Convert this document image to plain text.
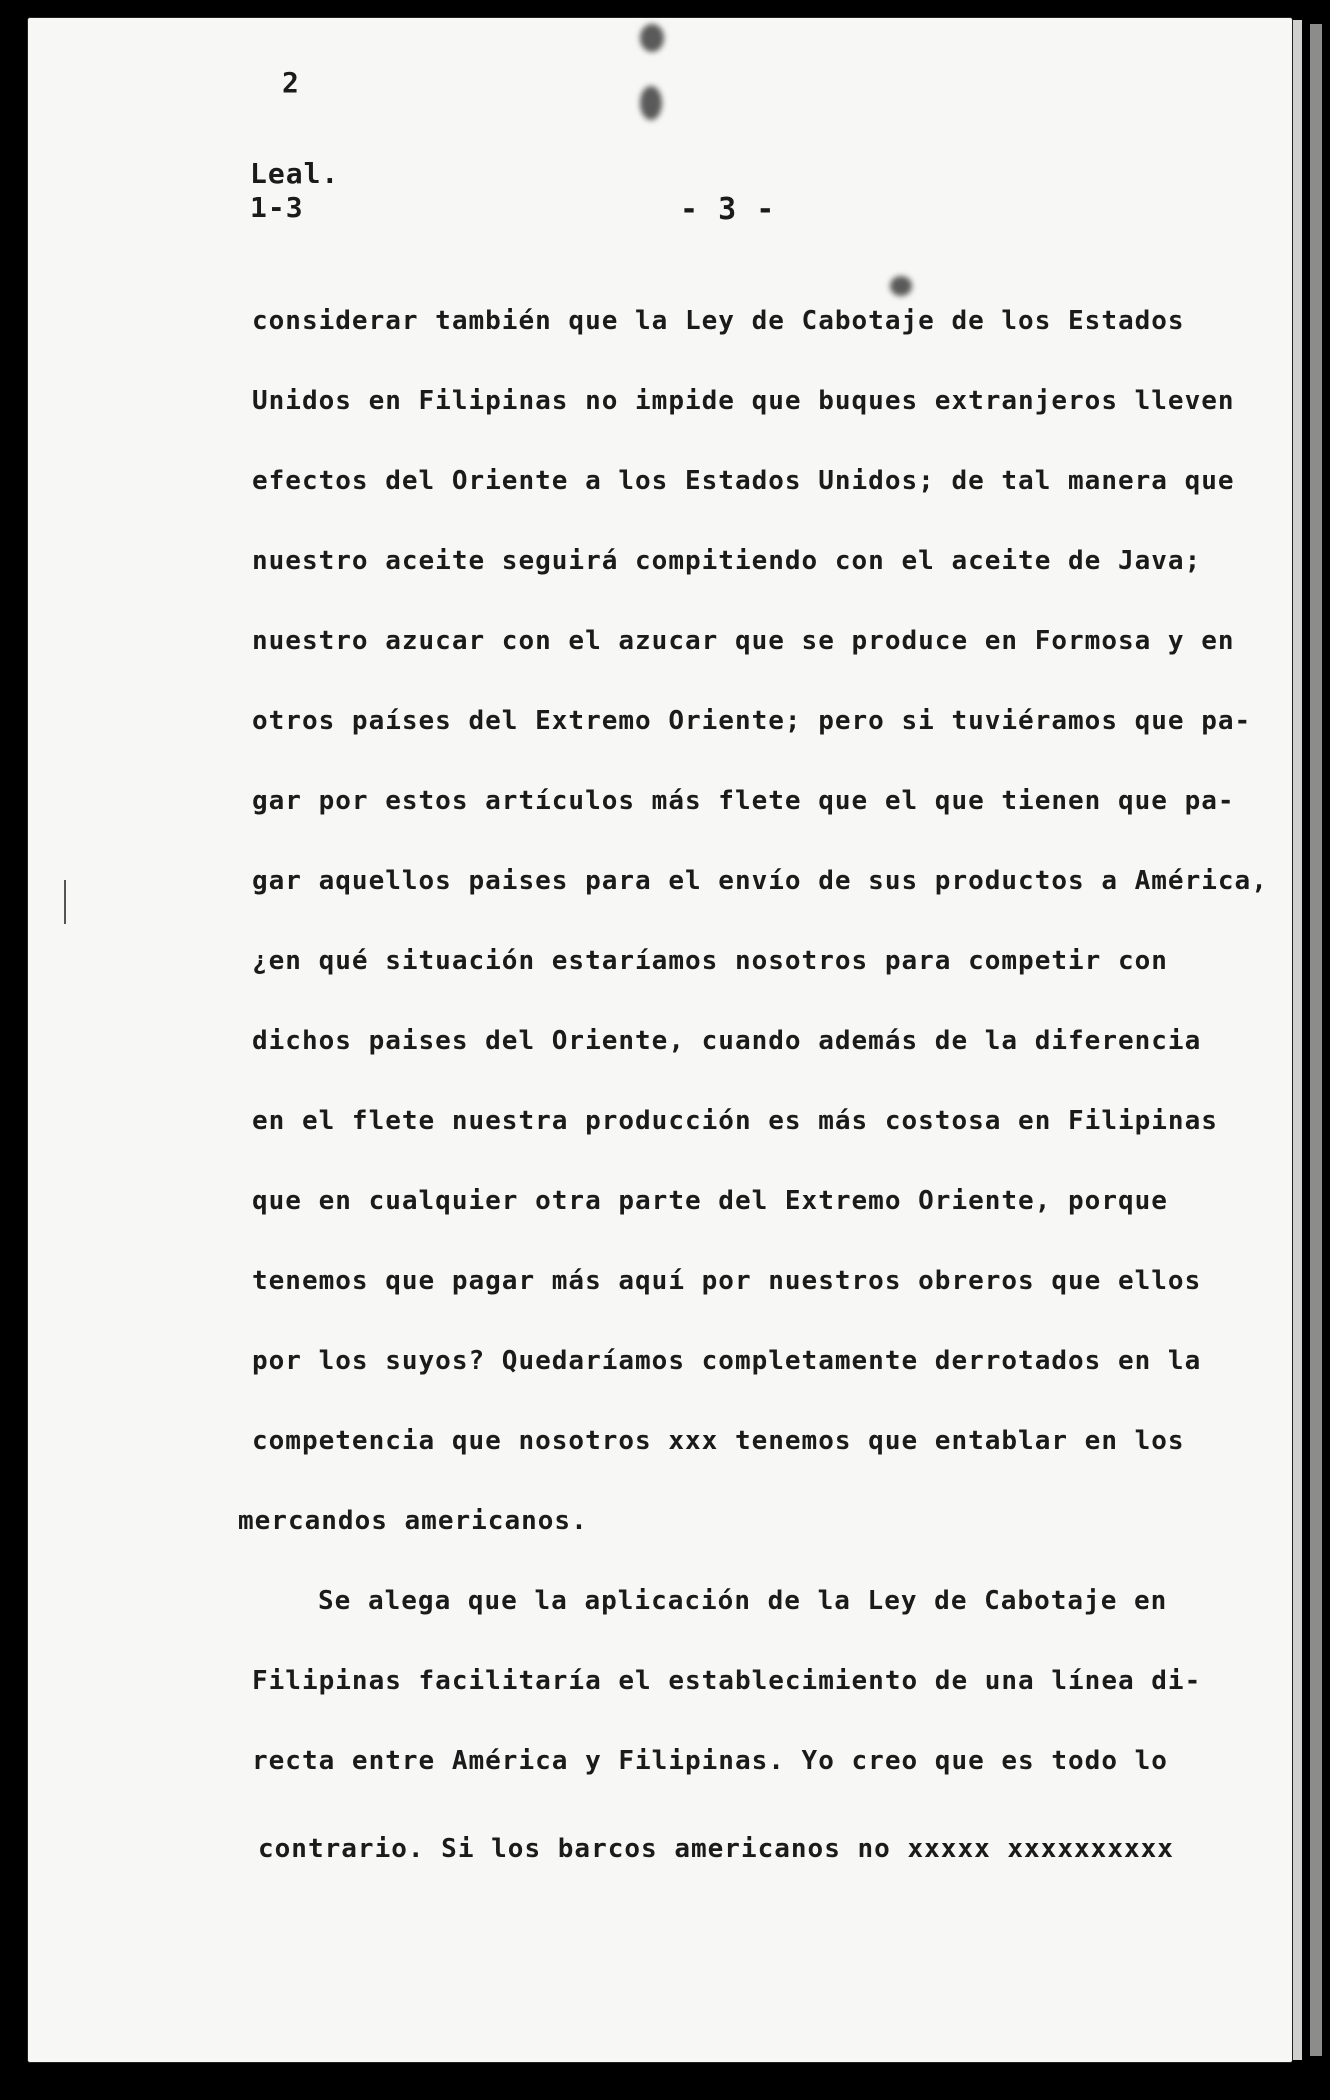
2
Leal.
1-3	- 3 -
considerar también que la Ley de Cabotaje de los Estados
Unidos en Filipinas no impide que buques extranjeros lleven
efectos del Oriente a los Estados Unidos; de tal manera que
nuestro aceite seguirá compitiendo con el aceite de Java;
nuestro azucar con el azucar que se produce en Formosa y en
otros países del Extremo Oriente; pero si tuviéramos que pa-
gar por estos artículos más flete que el que tienen que pa-
gar aquellos paises para el envío de sus productos a América,
¿en qué situación estaríamos nosotros para competir con
dichos paises del Oriente, cuando además de la diferencia
en el flete nuestra producción es más costosa en Filipinas
que en cualquier otra parte del Extremo Oriente, porque
tenemos que pagar más aquí por nuestros obreros que ellos
por los suyos? Quedaríamos completamente derrotados en la
competencia que nosotros xxx tenemos que entablar en los
mercandos americanos.
Se alega que la aplicación de la Ley de Cabotaje en
Filipinas facilitaría el establecimiento de una línea di-
recta entre América y Filipinas. Yo creo que es todo lo
contrario. Si los barcos americanos no xxxxx xxxxxxxxxx
